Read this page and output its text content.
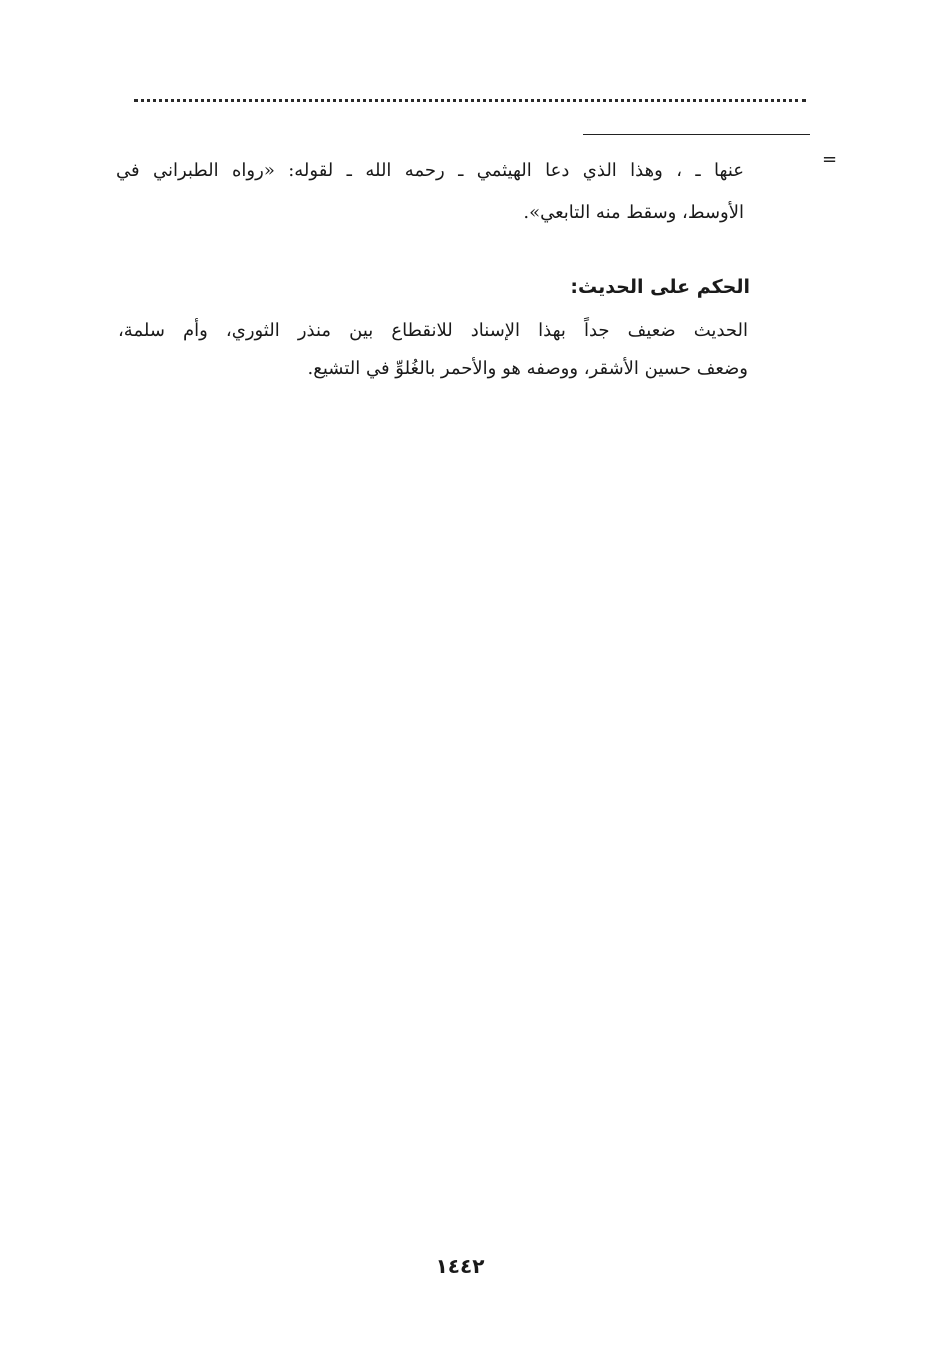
=
عنها ـ ، وهذا الذي دعا الهيثمي ـ رحمه الله ـ لقوله: «رواه الطبراني في
الأوسط، وسقط منه التابعي».
الحكم على الحديث:
الحديث ضعيف جداً بهذا الإسناد للانقطاع بين منذر الثوري، وأم سلمة،
وضعف حسين الأشقر، ووصفه هو والأحمر بالغُلوِّ في التشيع.
١٤٤٢
